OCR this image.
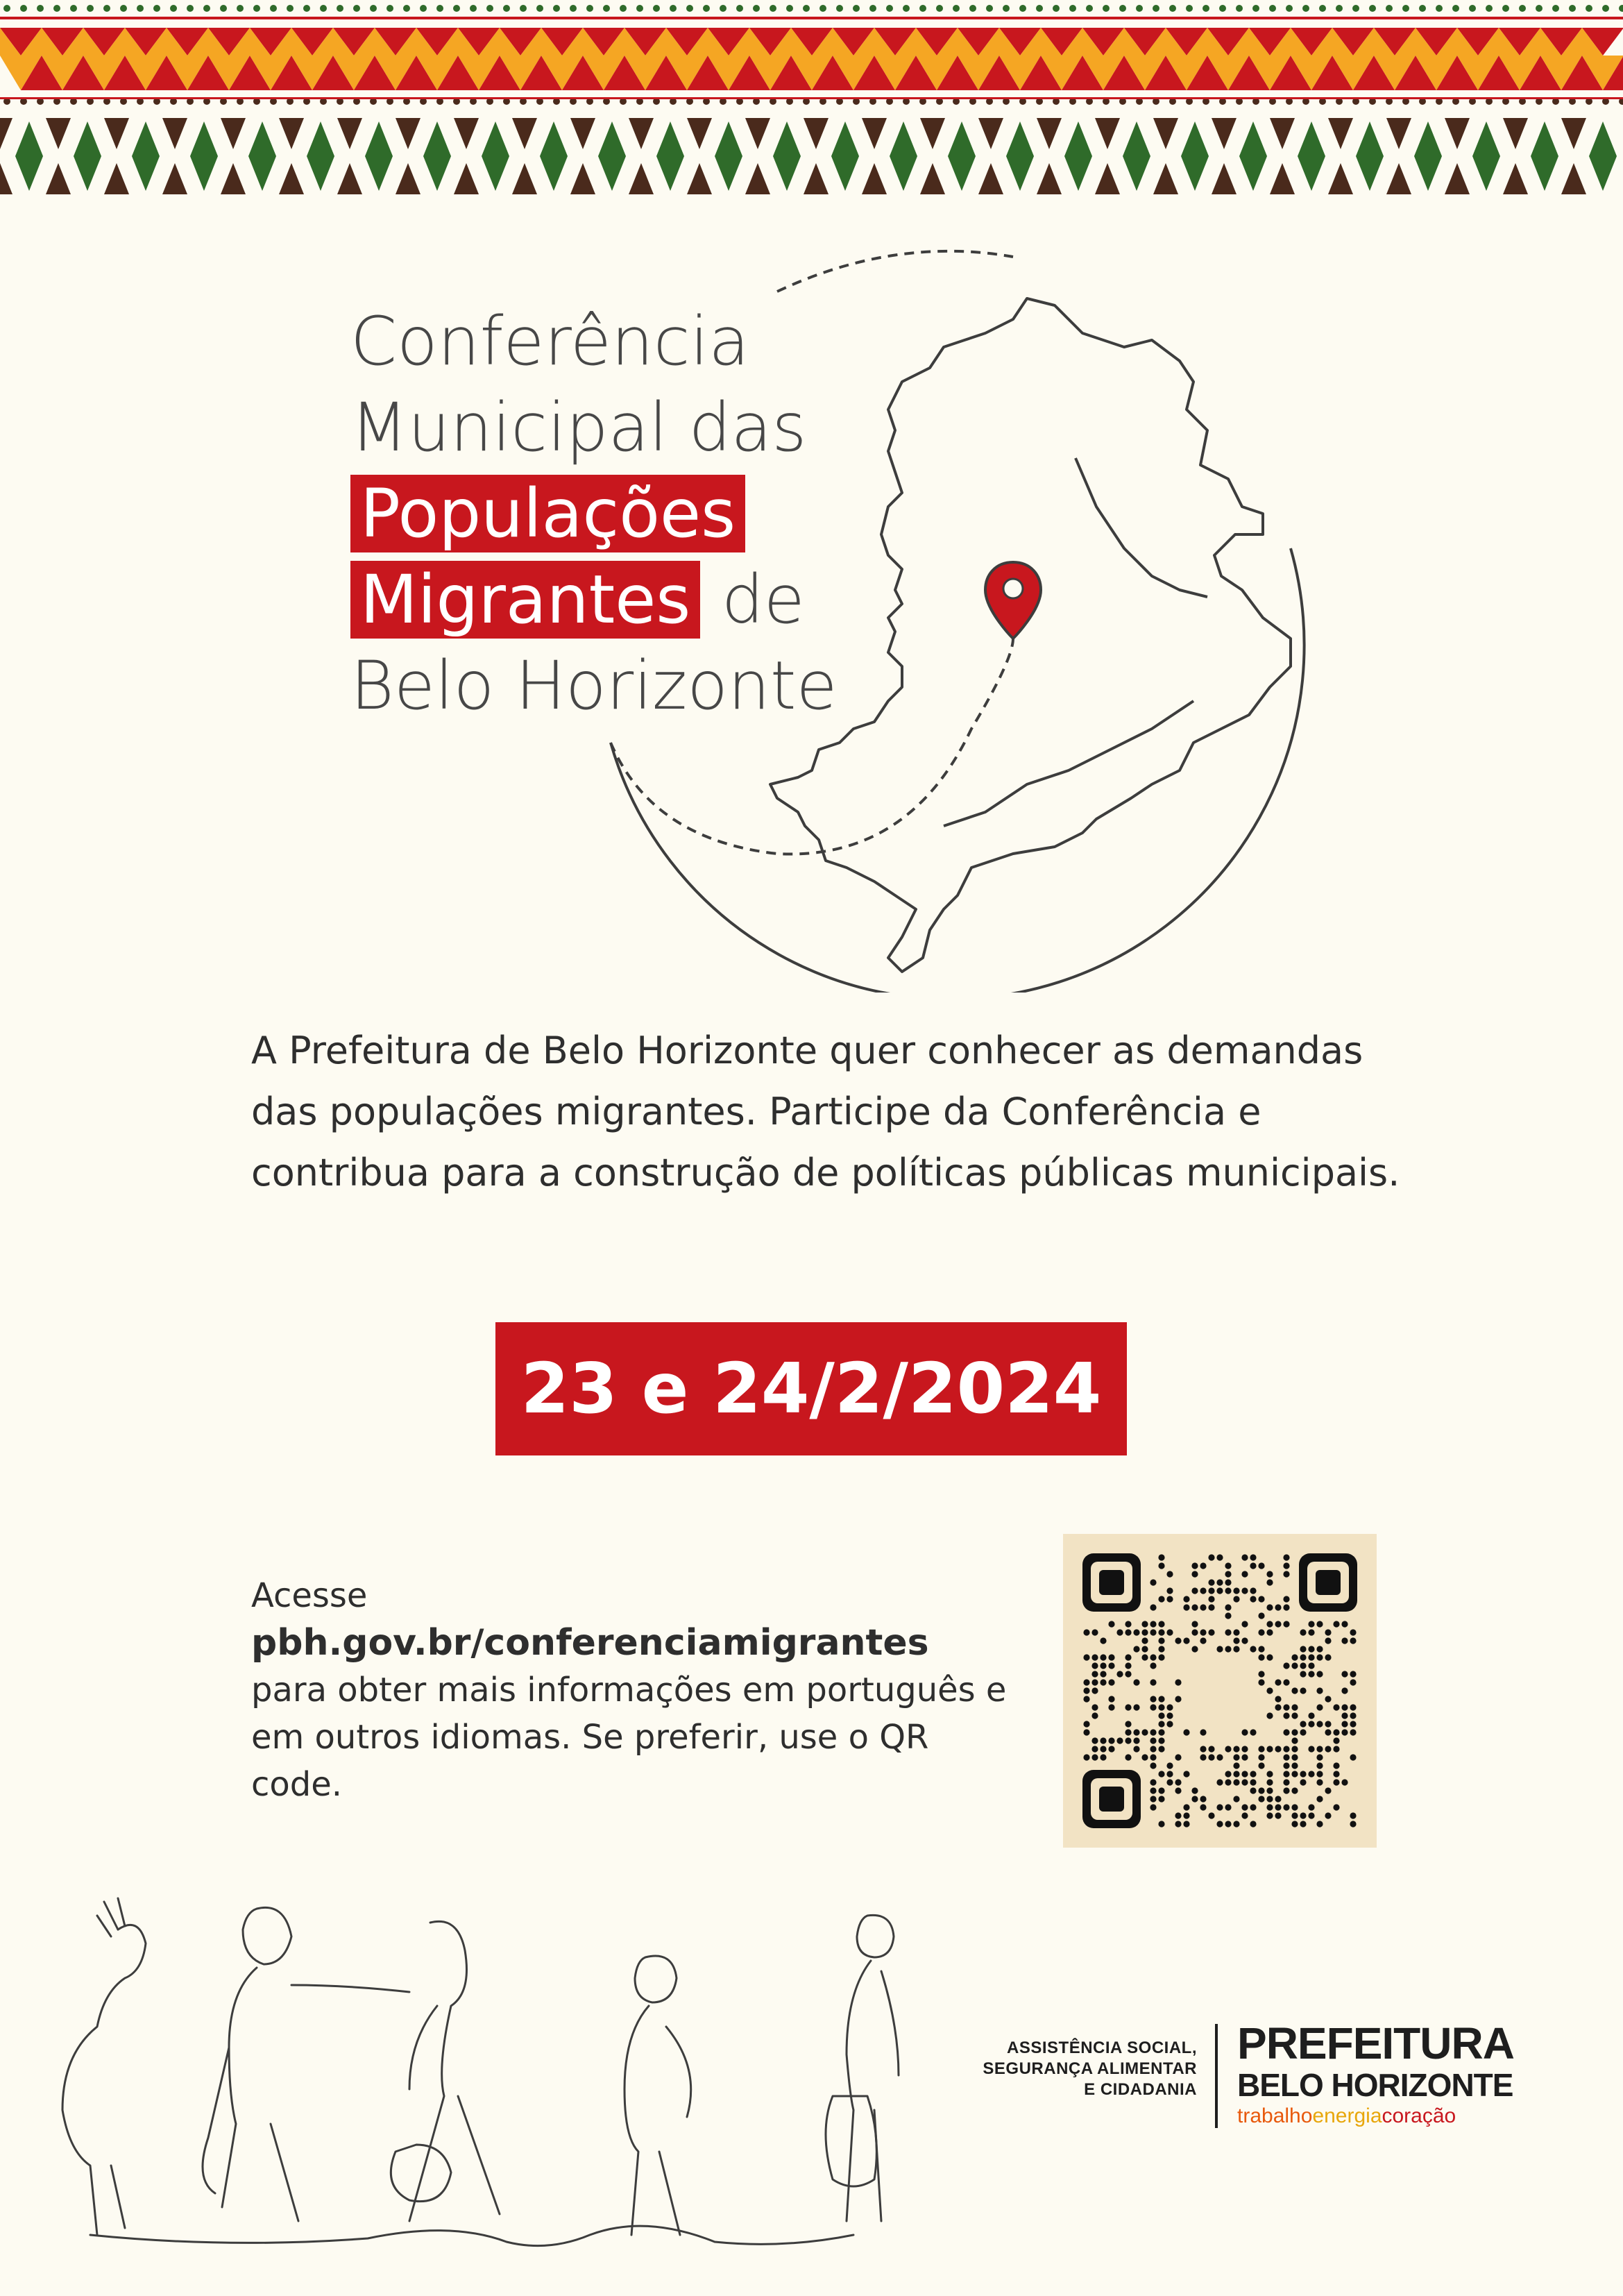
Conferência
Municipal das
Populações
Migrantes de
Belo Horizonte
A Prefeitura de Belo Horizonte quer conhecer as demandas das populações migrantes. Participe da Conferência e contribua para a construção de políticas públicas municipais.
23 e 24/2/2024
Acesse
pbh.gov.br/conferenciamigrantes
para obter mais informações em português e em outros idiomas. Se preferir, use o QR code.
ASSISTÊNCIA SOCIAL,
SEGURANÇA ALIMENTAR
E CIDADANIA
PREFEITURA
BELO HORIZONTE
trabalhoenergiacoração
